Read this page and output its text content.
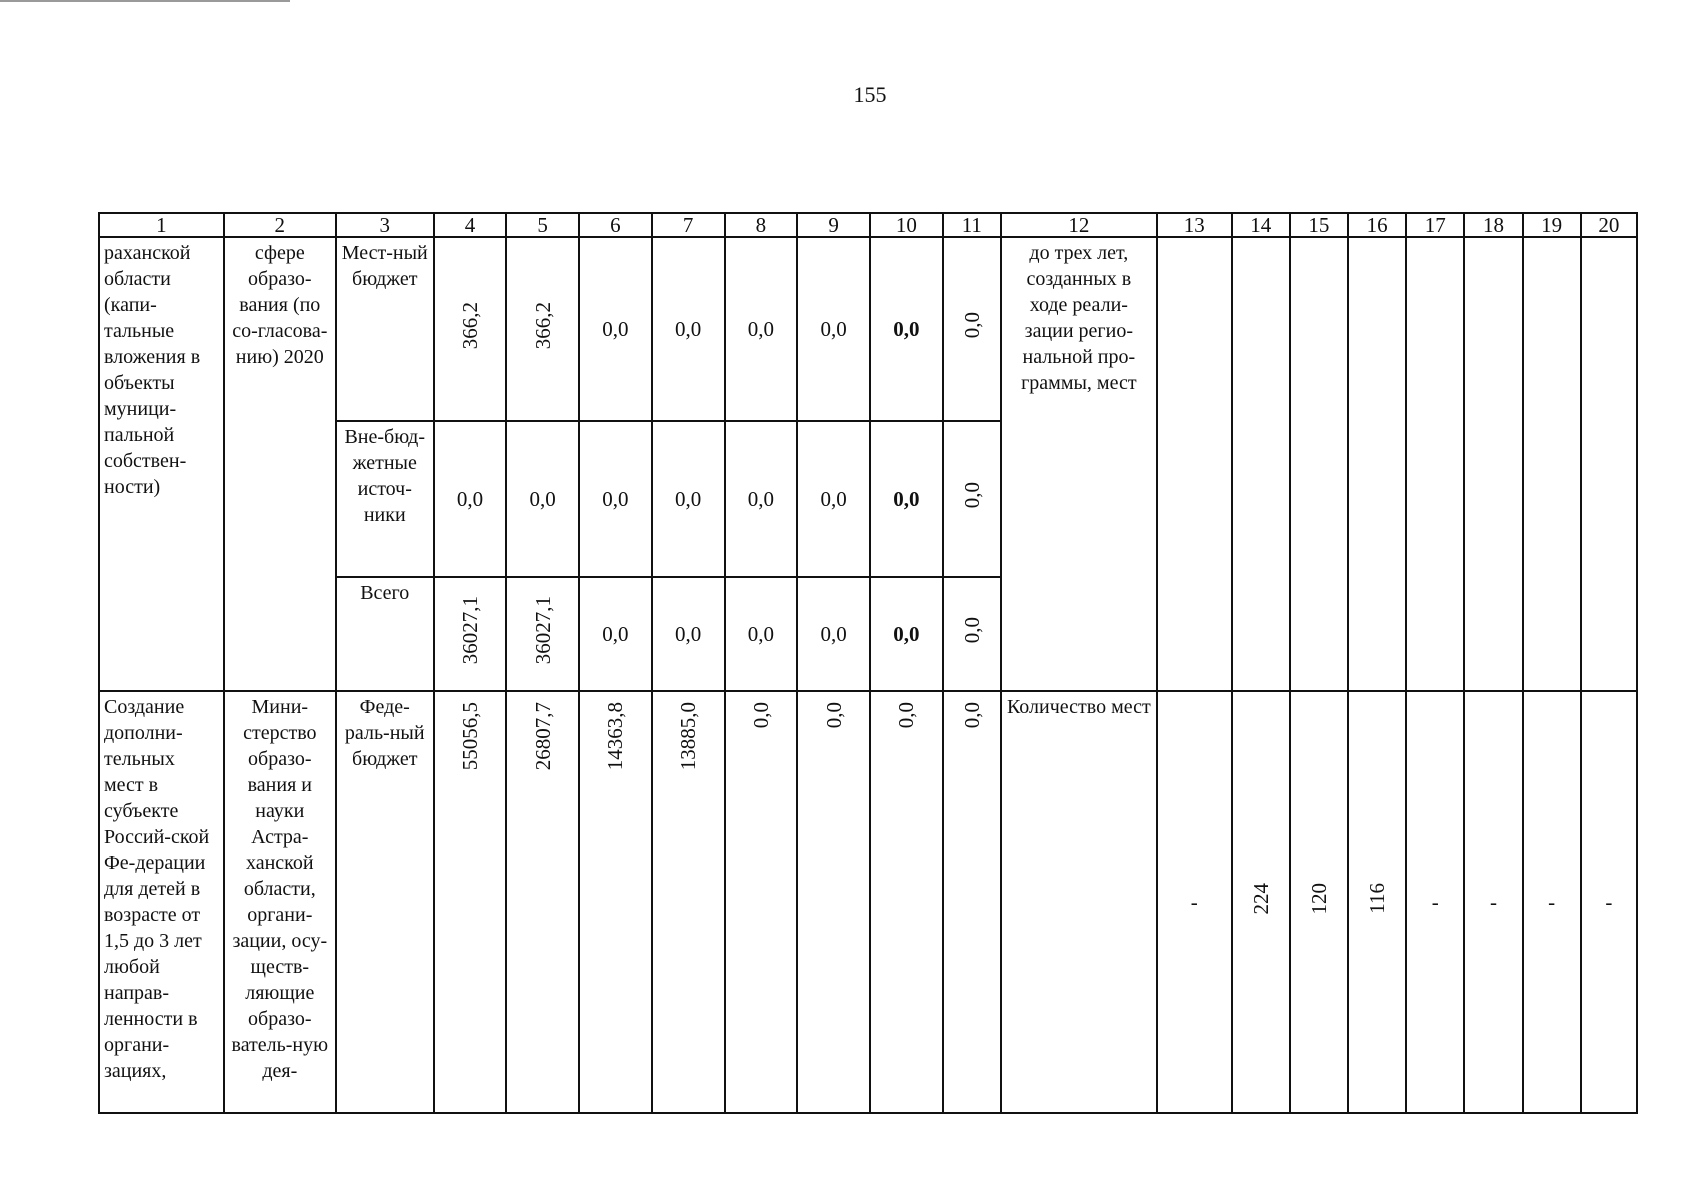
155
1	2	3	4	5	6	7	8	9	10	11	12	13	14	15	16	17	18	19	20

раханской области (капи-тальные вложения в объекты муници-пальной собствен-ности)	сфере образо-вания (по со-гласова-нию) 2020	Мест-ный бюджет	366,2	366,2	0,0	0,0	0,0	0,0	0,0	0,0	до трех лет, созданных в ходе реали-зации регио-нальной про-граммы, мест								

		Вне-бюд-жетные источ-ники	0,0	0,0	0,0	0,0	0,0	0,0	0,0	0,0									

		Всего	36027,1	36027,1	0,0	0,0	0,0	0,0	0,0	0,0									

Создание дополни-тельных мест в субъекте Россий-ской Фе-дерации для детей в возрасте от 1,5 до 3 лет любой направ-ленности в органи-зациях,	Мини-стерство образо-вания и науки Астра-ханской области, органи-зации, осу-ществ-ляющие образо-ватель-ную дея-	Феде-раль-ный бюджет	55056,5	26807,7	14363,8	13885,0	0,0	0,0	0,0	0,0	Количество мест	-	224	120	116	-	-	-	-
